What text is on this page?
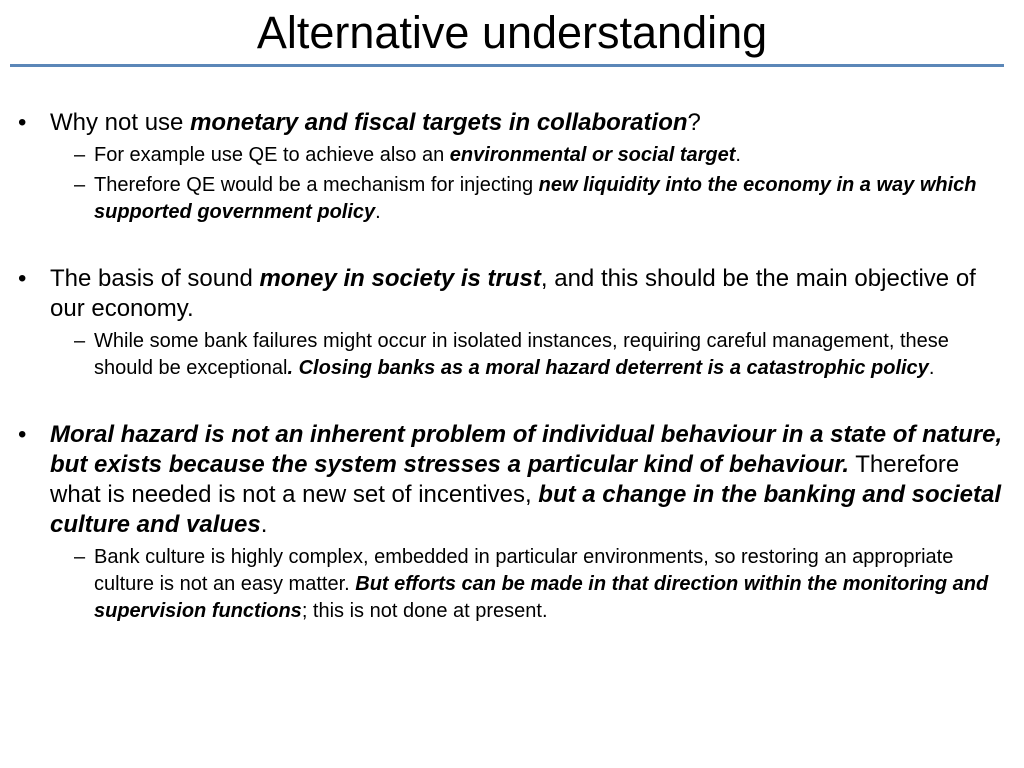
Alternative understanding
• Why not use monetary and fiscal targets in collaboration?
– For example use QE to achieve also an environmental or social target.
– Therefore QE would be a mechanism for injecting new liquidity into the economy in a way which supported government policy.
• The basis of sound money in society is trust, and this should be the main objective of our economy.
– While some bank failures might occur in isolated instances, requiring careful management, these should be exceptional. Closing banks as a moral hazard deterrent is a catastrophic policy.
• Moral hazard is not an inherent problem of individual behaviour in a state of nature, but exists because the system stresses a particular kind of behaviour. Therefore what is needed is not a new set of incentives, but a change in the banking and societal culture and values.
– Bank culture is highly complex, embedded in particular environments, so restoring an appropriate culture is not an easy matter. But efforts can be made in that direction within the monitoring and supervision functions; this is not done at present.
